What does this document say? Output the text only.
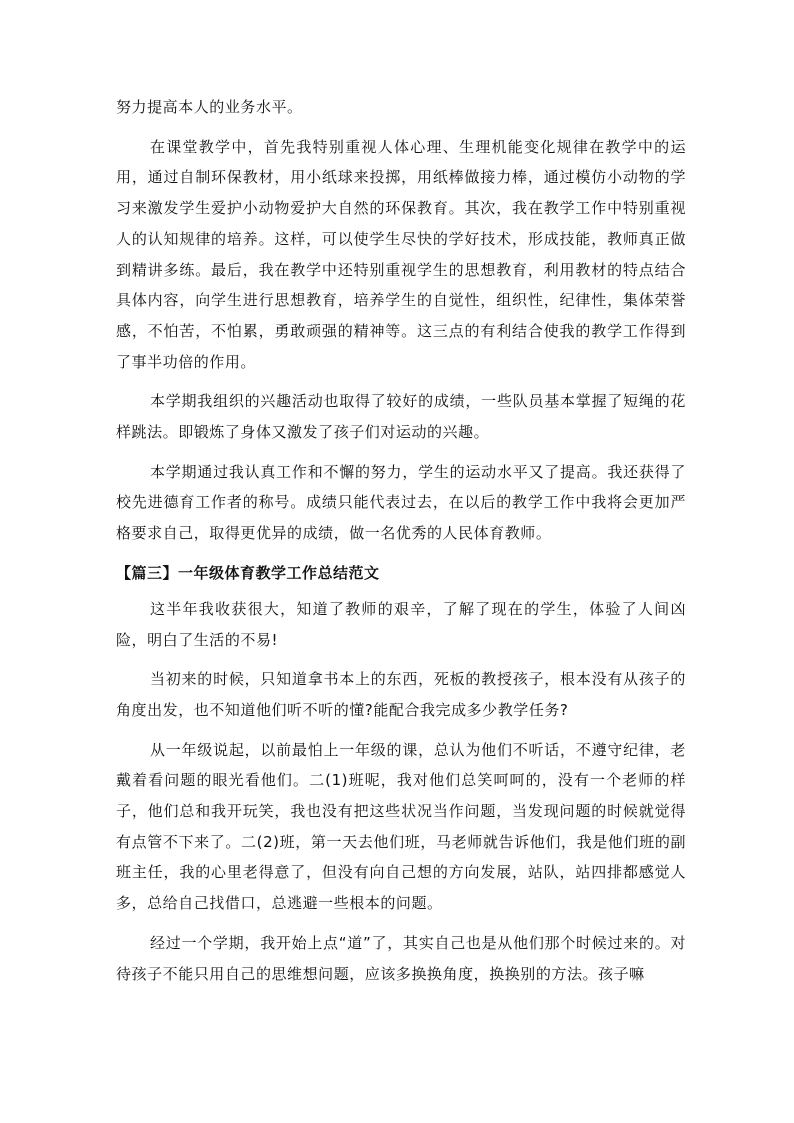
努力提高本人的业务水平。

在课堂教学中，首先我特别重视人体心理、生理机能变化规律在教学中的运用，通过自制环保教材，用小纸球来投掷，用纸棒做接力棒，通过模仿小动物的学习来激发学生爱护小动物爱护大自然的环保教育。其次，我在教学工作中特别重视人的认知规律的培养。这样，可以使学生尽快的学好技术，形成技能，教师真正做到精讲多练。最后，我在教学中还特别重视学生的思想教育，利用教材的特点结合具体内容，向学生进行思想教育，培养学生的自觉性，组织性，纪律性，集体荣誉感，不怕苦，不怕累，勇敢顽强的精神等。这三点的有利结合使我的教学工作得到了事半功倍的作用。

本学期我组织的兴趣活动也取得了较好的成绩，一些队员基本掌握了短绳的花样跳法。即锻炼了身体又激发了孩子们对运动的兴趣。

本学期通过我认真工作和不懈的努力，学生的运动水平又了提高。我还获得了校先进德育工作者的称号。成绩只能代表过去，在以后的教学工作中我将会更加严格要求自己，取得更优异的成绩，做一名优秀的人民体育教师。

【篇三】一年级体育教学工作总结范文

这半年我收获很大，知道了教师的艰辛，了解了现在的学生，体验了人间凶险，明白了生活的不易!

当初来的时候，只知道拿书本上的东西，死板的教授孩子，根本没有从孩子的角度出发，也不知道他们听不听的懂?能配合我完成多少教学任务?

从一年级说起，以前最怕上一年级的课，总认为他们不听话，不遵守纪律，老戴着看问题的眼光看他们。二(1)班呢，我对他们总笑呵呵的，没有一个老师的样子，他们总和我开玩笑，我也没有把这些状况当作问题，当发现问题的时候就觉得有点管不下来了。二(2)班，第一天去他们班，马老师就告诉他们，我是他们班的副班主任，我的心里老得意了，但没有向自己想的方向发展，站队，站四排都感觉人多，总给自己找借口，总逃避一些根本的问题。

经过一个学期，我开始上点“道”了，其实自己也是从他们那个时候过来的。对待孩子不能只用自己的思维想问题，应该多换换角度，换换别的方法。孩子嘛
